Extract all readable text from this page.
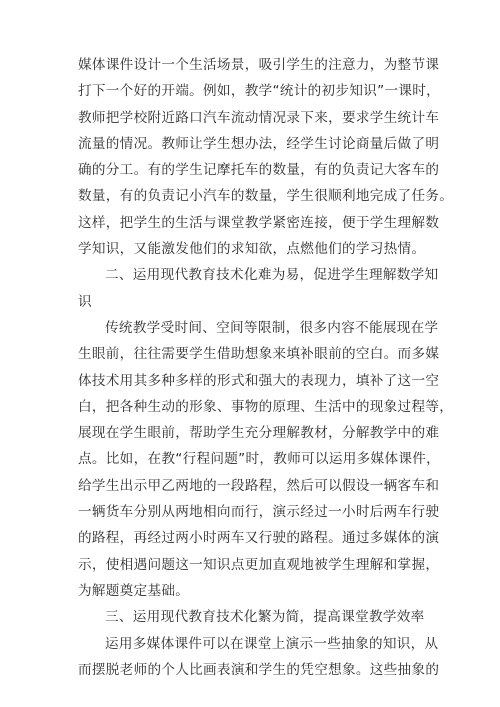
媒体课件设计一个生活场景，吸引学生的注意力，为整节课
打下一个好的开端。例如，教学“统计的初步知识”一课时，
教师把学校附近路口汽车流动情况录下来，要求学生统计车
流量的情况。教师让学生想办法，经学生讨论商量后做了明
确的分工。有的学生记摩托车的数量，有的负责记大客车的
数量，有的负责记小汽车的数量，学生很顺利地完成了任务。
这样，把学生的生活与课堂教学紧密连接，便于学生理解数
学知识，又能激发他们的求知欲，点燃他们的学习热情。
二、运用现代教育技术化难为易，促进学生理解数学知
识
传统教学受时间、空间等限制，很多内容不能展现在学
生眼前，往往需要学生借助想象来填补眼前的空白。而多媒
体技术用其多种多样的形式和强大的表现力，填补了这一空
白，把各种生动的形象、事物的原理、生活中的现象过程等，
展现在学生眼前，帮助学生充分理解教材，分解教学中的难
点。比如，在教“行程问题”时，教师可以运用多媒体课件，
给学生出示甲乙两地的一段路程，然后可以假设一辆客车和
一辆货车分别从两地相向而行，演示经过一小时后两车行驶
的路程，再经过两小时两车又行驶的路程。通过多媒体的演
示，使相遇问题这一知识点更加直观地被学生理解和掌握，
为解题奠定基础。
三、运用现代教育技术化繁为简，提高课堂教学效率
运用多媒体课件可以在课堂上演示一些抽象的知识，从
而摆脱老师的个人比画表演和学生的凭空想象。这些抽象的
